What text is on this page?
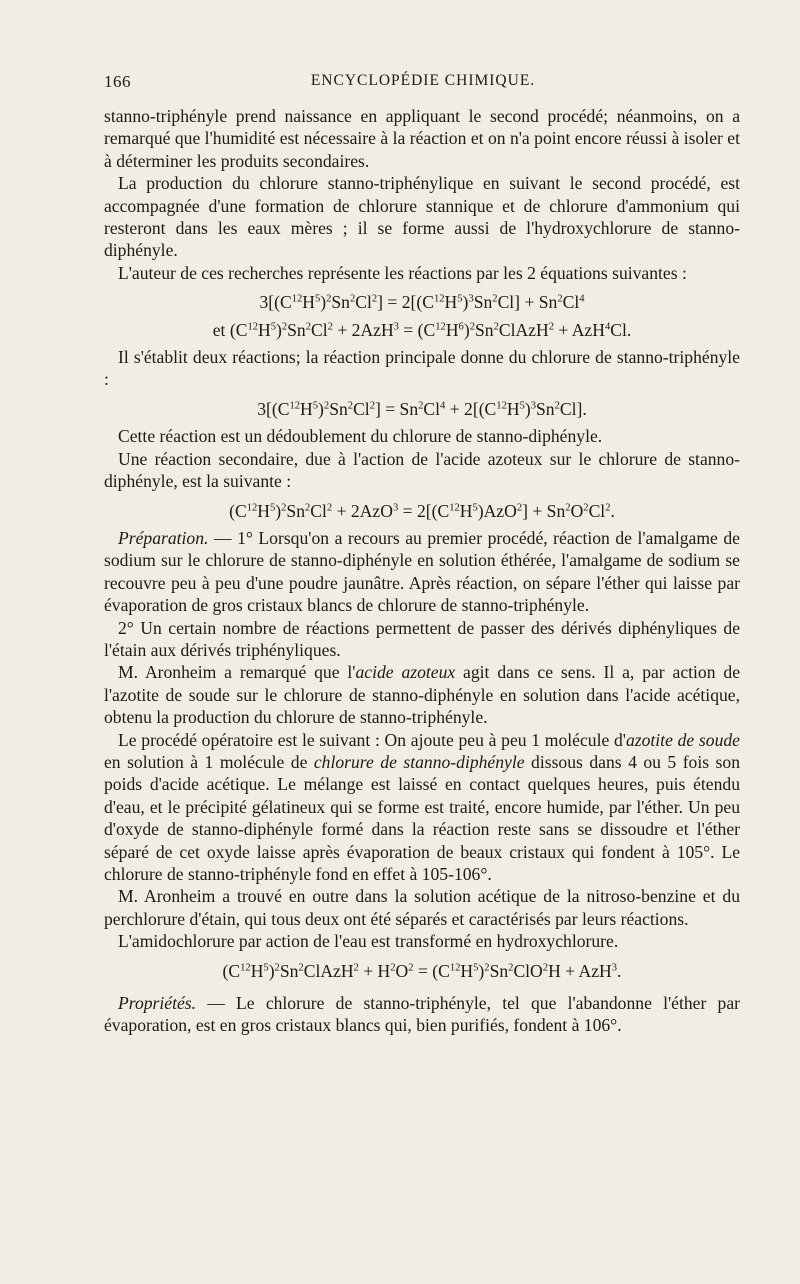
166	ENCYCLOPÉDIE CHIMIQUE.

stanno-triphényle prend naissance en appliquant le second procédé; néanmoins, on a remarqué que l'humidité est nécessaire à la réaction et on n'a point encore réussi à isoler et à déterminer les produits secondaires.

La production du chlorure stanno-triphénylique en suivant le second procédé, est accompagnée d'une formation de chlorure stannique et de chlorure d'ammonium qui resteront dans les eaux mères ; il se forme aussi de l'hydroxychlorure de stanno-diphényle.

L'auteur de ces recherches représente les réactions par les 2 équations suivantes :

$3[(C^{12}H^5)^2Sn^2Cl^2] = 2[(C^{12}H^5)^3Sn^2Cl] + Sn^2Cl^4$
et $(C^{12}H^5)^2Sn^2Cl^2 + 2AzH^3$ = $(C^{12}H^6)^2Sn^2ClAzH^2 + AzH^4Cl$.

Il s'établit deux réactions; la réaction principale donne du chlorure de stanno-triphényle :

$3[(C^{12}H^5)^2Sn^2Cl^2] = Sn^2Cl^4 + 2[(C^{12}H^5)^3Sn^2Cl]$.

Cette réaction est un dédoublement du chlorure de stanno-diphényle.

Une réaction secondaire, due à l'action de l'acide azoteux sur le chlorure de stanno-diphényle, est la suivante :

$(C^{12}H^5)^2Sn^2Cl^2 + 2AzO^3 = 2[(C^{12}H^5)AzO^2] + Sn^2O^2Cl^2$.

Préparation. — 1° Lorsqu'on a recours au premier procédé, réaction de l'amalgame de sodium sur le chlorure de stanno-diphényle en solution éthérée, l'amalgame de sodium se recouvre peu à peu d'une poudre jaunâtre. Après réaction, on sépare l'éther qui laisse par évaporation de gros cristaux blancs de chlorure de stanno-triphényle.

2° Un certain nombre de réactions permettent de passer des dérivés diphényliques de l'étain aux dérivés triphényliques.

M. Aronheim a remarqué que l'acide azoteux agit dans ce sens. Il a, par action de l'azotite de soude sur le chlorure de stanno-diphényle en solution dans l'acide acétique, obtenu la production du chlorure de stanno-triphényle.

Le procédé opératoire est le suivant : On ajoute peu à peu 1 molécule d'azotite de soude en solution à 1 molécule de chlorure de stanno-diphényle dissous dans 4 ou 5 fois son poids d'acide acétique. Le mélange est laissé en contact quelques heures, puis étendu d'eau, et le précipité gélatineux qui se forme est traité, encore humide, par l'éther. Un peu d'oxyde de stanno-diphényle formé dans la réaction reste sans se dissoudre et l'éther séparé de cet oxyde laisse après évaporation de beaux cristaux qui fondent à 105°. Le chlorure de stanno-triphényle fond en effet à 105-106°.

M. Aronheim a trouvé en outre dans la solution acétique de la nitroso-benzine et du perchlorure d'étain, qui tous deux ont été séparés et caractérisés par leurs réactions.

L'amidochlorure par action de l'eau est transformé en hydroxychlorure.

$(C^{12}H^5)^2Sn^2ClAzH^2 + H^2O^2 = (C^{12}H^5)^2Sn^2ClO^2H + AzH^3$.

Propriétés. — Le chlorure de stanno-triphényle, tel que l'abandonne l'éther par évaporation, est en gros cristaux blancs qui, bien purifiés, fondent à 106°.
